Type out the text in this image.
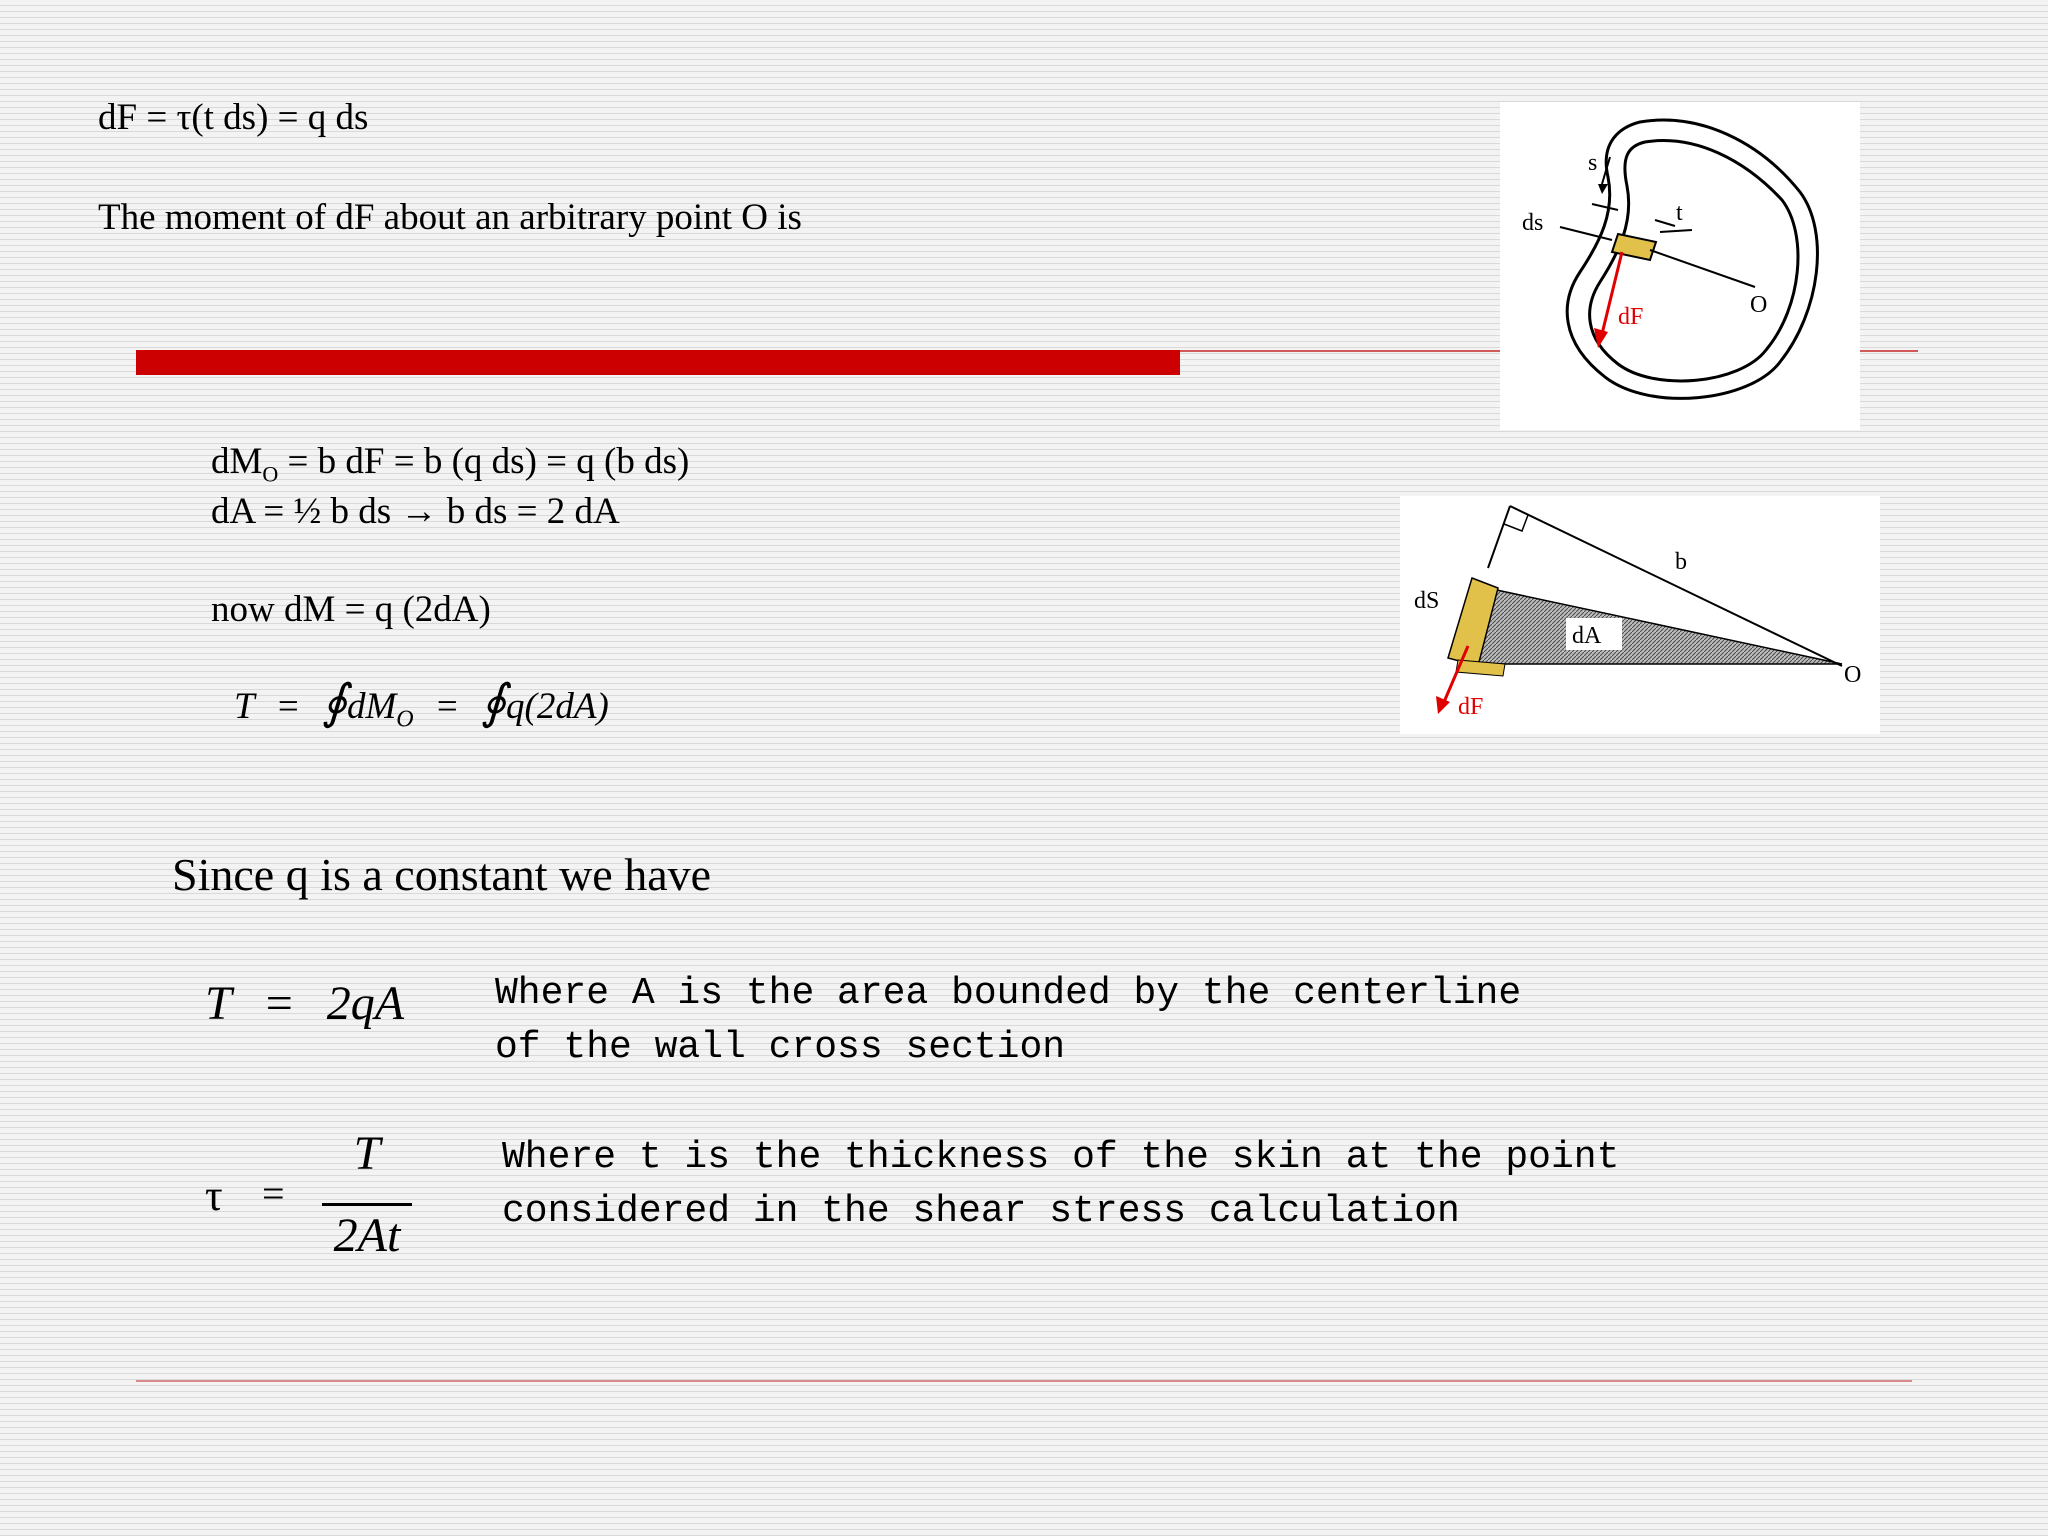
dF = τ(t ds) = q ds
The moment of dF about an arbitrary point O is
$dM_O = b$ dF = b (q ds) = q (b ds)
dA = ½ b ds → b ds = 2 dA
now dM = q (2dA)
$T = ∮dM_O$ = ∮q(2dA)
Since q is a constant we have
T = 2qA Where A is the area bounded by the centerline
of the wall cross section
τ =
T
2At
Where t is the thickness of the skin at the point
considered in the shear stress calculation
s
ds	t
dF	O
dA
b
dS
dF
O
